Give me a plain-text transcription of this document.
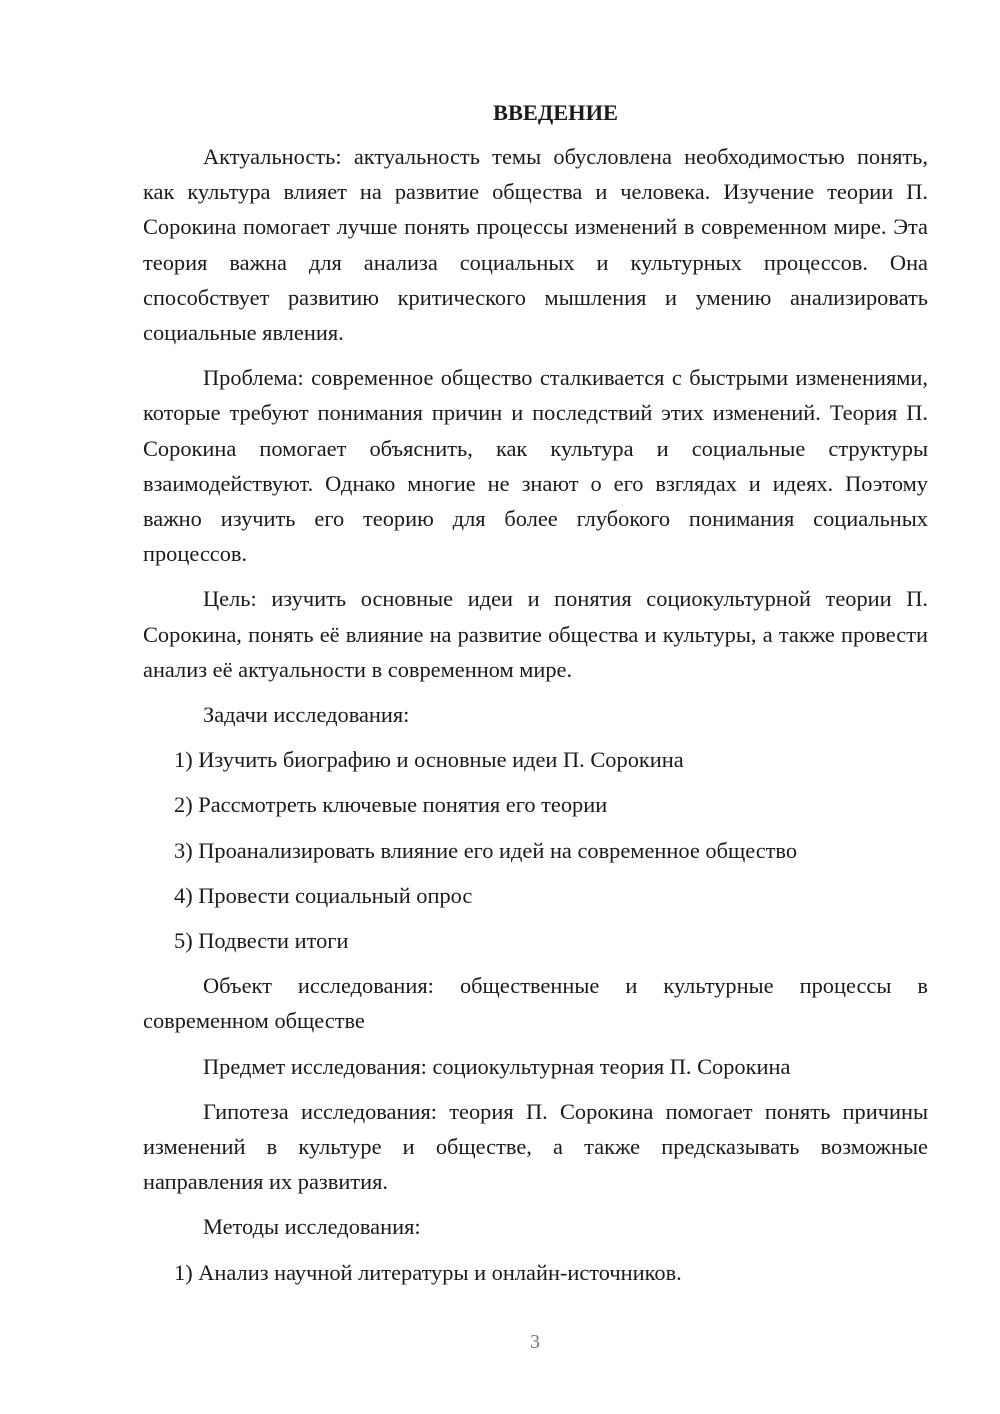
ВВЕДЕНИЕ

Актуальность: актуальность темы обусловлена необходимостью понять, как культура влияет на развитие общества и человека. Изучение теории П. Сорокина помогает лучше понять процессы изменений в современном мире. Эта теория важна для анализа социальных и культурных процессов. Она способствует развитию критического мышления и умению анализировать социальные явления.

Проблема: современное общество сталкивается с быстрыми изменениями, которые требуют понимания причин и последствий этих изменений. Теория П. Сорокина помогает объяснить, как культура и социальные структуры взаимодействуют. Однако многие не знают о его взглядах и идеях. Поэтому важно изучить его теорию для более глубокого понимания социальных процессов.

Цель: изучить основные идеи и понятия социокультурной теории П. Сорокина, понять её влияние на развитие общества и культуры, а также провести анализ её актуальности в современном мире.

Задачи исследования:

1) Изучить биографию и основные идеи П. Сорокина

2) Рассмотреть ключевые понятия его теории

3) Проанализировать влияние его идей на современное общество

4) Провести социальный опрос

5) Подвести итоги

Объект исследования: общественные и культурные процессы в современном обществе

Предмет исследования: социокультурная теория П. Сорокина

Гипотеза исследования: теория П. Сорокина помогает понять причины изменений в культуре и обществе, а также предсказывать возможные направления их развития.

Методы исследования:

1) Анализ научной литературы и онлайн-источников.

3
